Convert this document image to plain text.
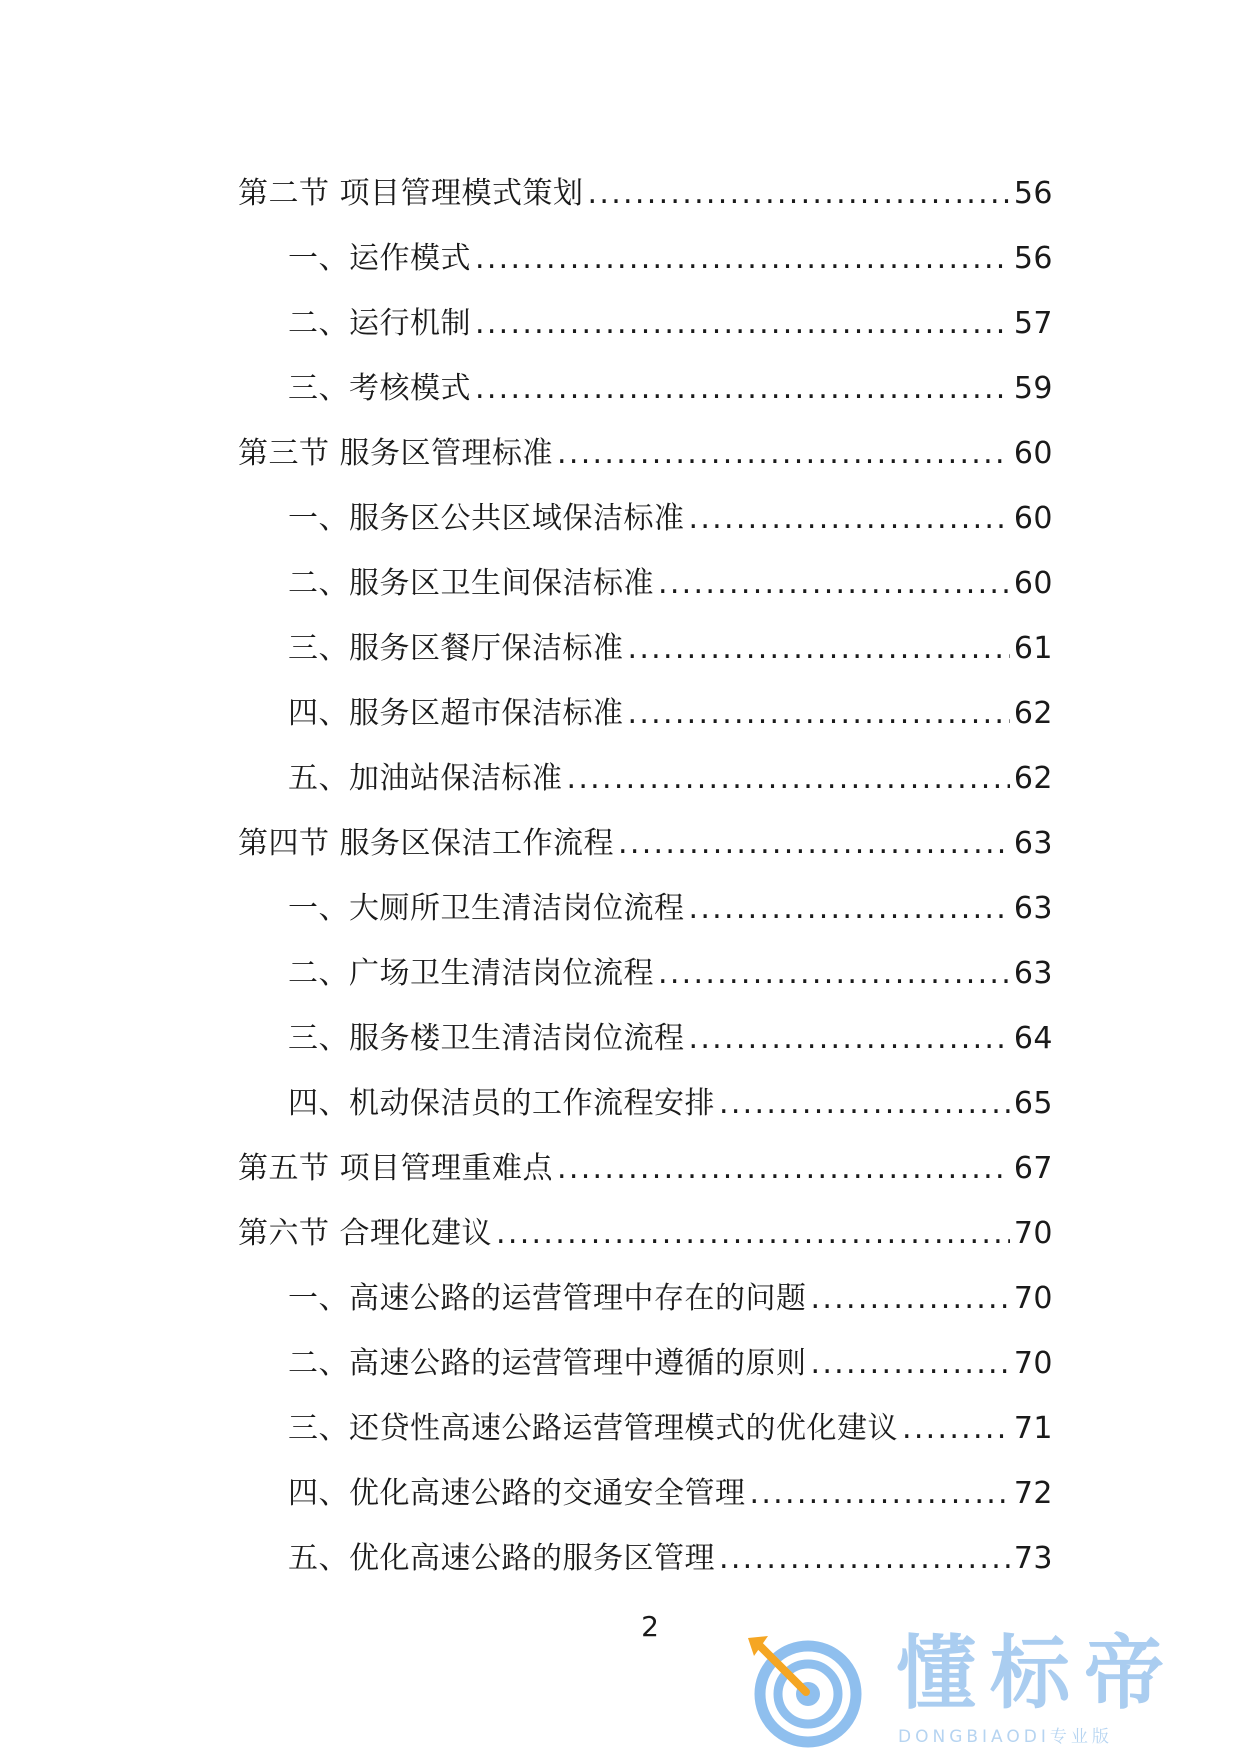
第二节 项目管理模式策划 .....	56
一、运作模式 .....	56
二、运行机制 .....	57
三、考核模式 .....	59
第三节 服务区管理标准 .....	60
一、服务区公共区域保洁标准 .....	60
二、服务区卫生间保洁标准 .....	60
三、服务区餐厅保洁标准 .....	61
四、服务区超市保洁标准 .....	62
五、加油站保洁标准 .....	62
第四节 服务区保洁工作流程 .....	63
一、大厕所卫生清洁岗位流程 .....	63
二、广场卫生清洁岗位流程 .....	63
三、服务楼卫生清洁岗位流程 .....	64
四、机动保洁员的工作流程安排 .....	65
第五节 项目管理重难点 .....	67
第六节 合理化建议 .....	70
一、高速公路的运营管理中存在的问题 .....	70
二、高速公路的运营管理中遵循的原则 .....	70
三、还贷性高速公路运营管理模式的优化建议 .....	71
四、优化高速公路的交通安全管理 .....	72
五、优化高速公路的服务区管理 .....	73
2
懂标帝
DONGBIAODI专业版
